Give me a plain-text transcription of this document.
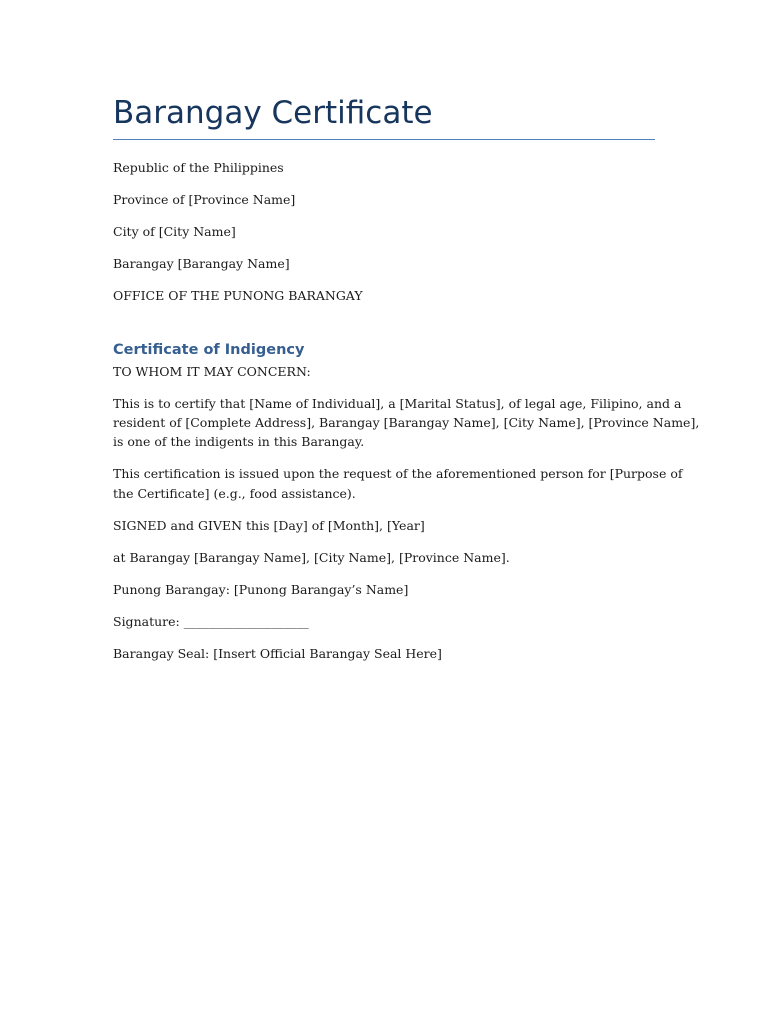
Barangay Certificate

Republic of the Philippines

Province of [Province Name]

City of [City Name]

Barangay [Barangay Name]

OFFICE OF THE PUNONG BARANGAY

Certificate of Indigency

TO WHOM IT MAY CONCERN:

This is to certify that [Name of Individual], a [Marital Status], of legal age, Filipino, and a

resident of [Complete Address], Barangay [Barangay Name], [City Name], [Province Name],

is one of the indigents in this Barangay.

This certification is issued upon the request of the aforementioned person for [Purpose of

the Certificate] (e.g., food assistance).

SIGNED and GIVEN this [Day] of [Month], [Year]

at Barangay [Barangay Name], [City Name], [Province Name].

Punong Barangay: [Punong Barangay’s Name]

Signature: ____________________

Barangay Seal: [Insert Official Barangay Seal Here]
